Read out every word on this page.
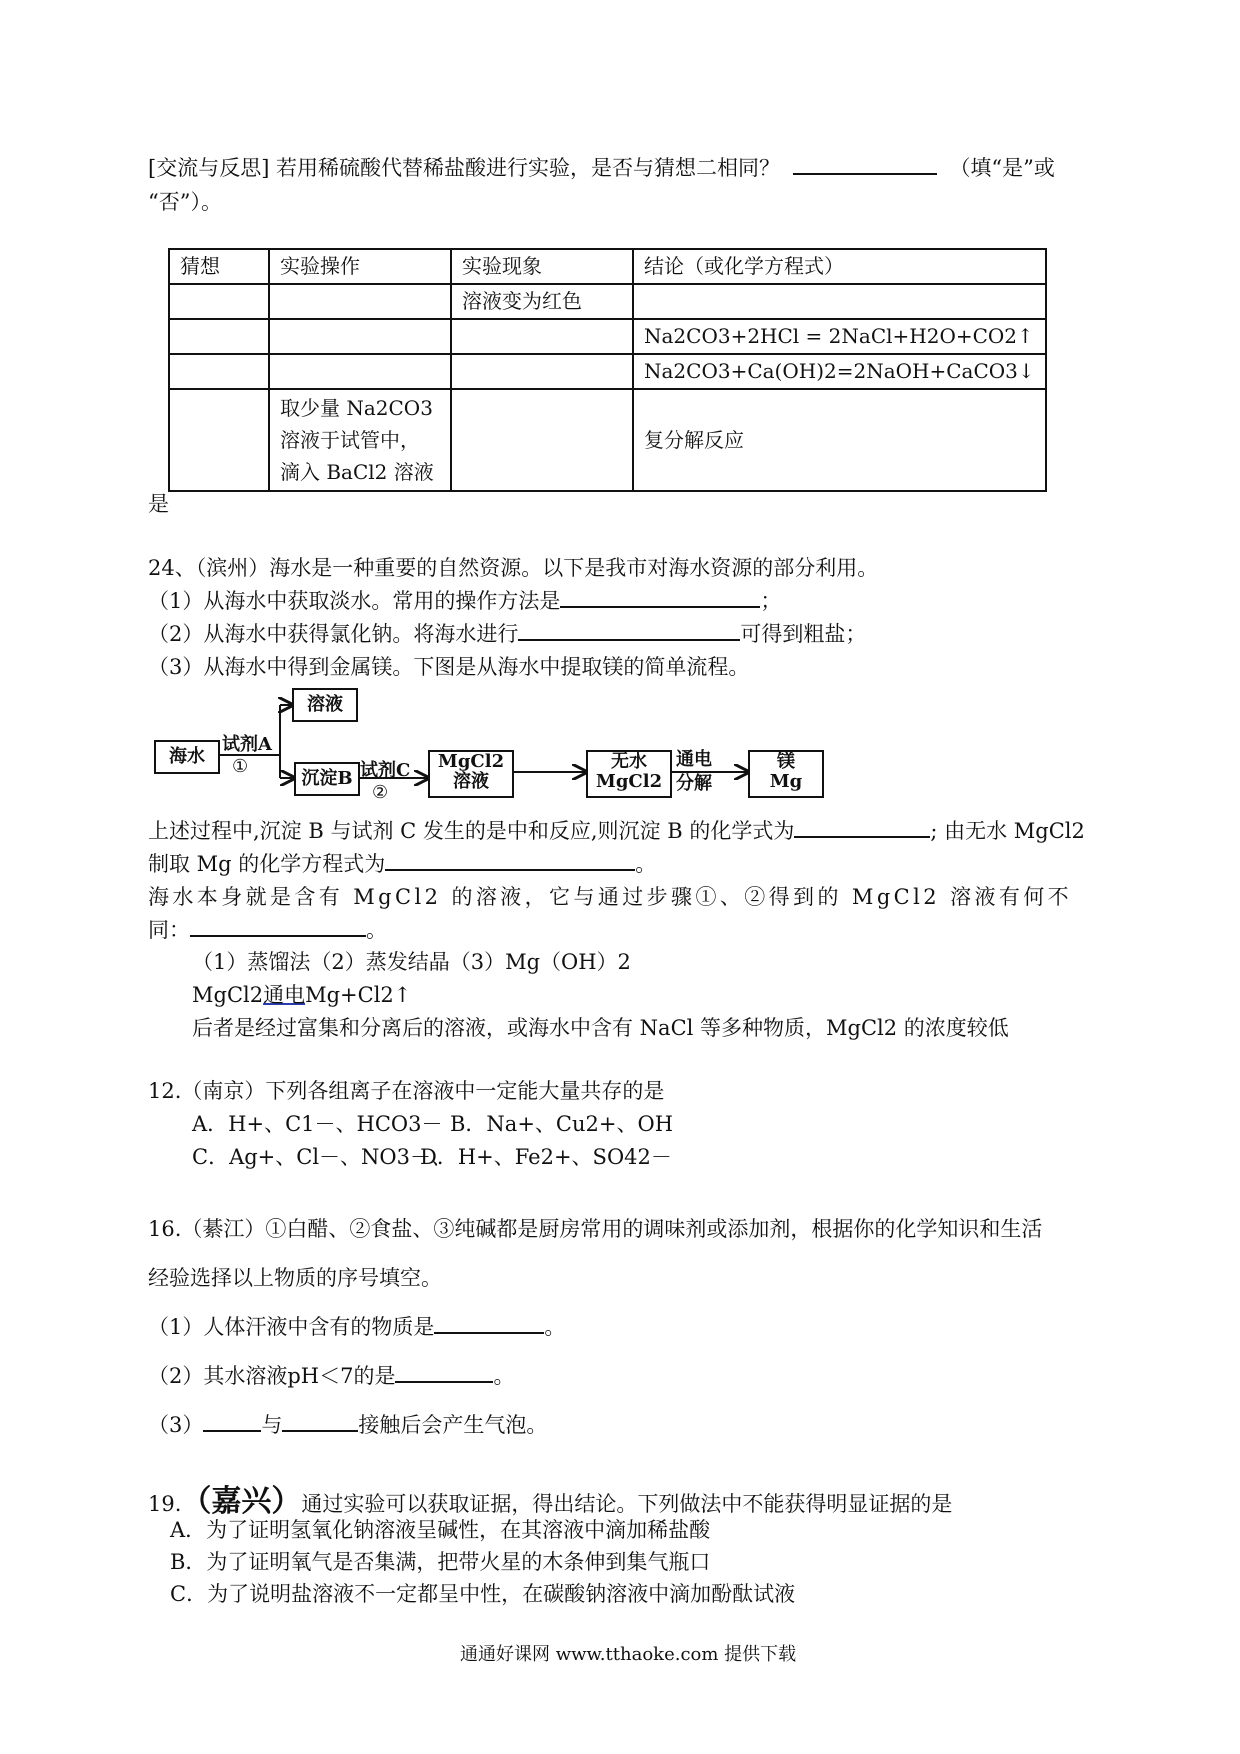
[交流与反思] 若用稀硫酸代替稀盐酸进行实验，是否与猜想二相同？	（填“是”或
“否”）。
猜想	实验操作	实验现象	结论（或化学方程式）
		溶液变为红色	
			Na2CO3+2HCl = 2NaCl+H2O+CO2↑
			Na2CO3+Ca(OH)2=2NaOH+CaCO3↓

	取少量 Na2CO3
溶液于试管中，
滴入 BaCl2 溶液		复分解反应
是
24、（滨州）海水是一种重要的自然资源。以下是我市对海水资源的部分利用。
（1）从海水中获取淡水。常用的操作方法是	；
（2）从海水中获得氯化钠。将海水进行	可得到粗盐；
（3）从海水中得到金属镁。下图是从海水中提取镁的简单流程。
海水
试剂A
①
溶液
沉淀B 试剂C
②
MgCl2
溶液
无水
MgCl2
通电
分解
镁
Mg
上述过程中,沉淀 B 与试剂 C 发生的是中和反应,则沉淀 B 的化学式为	; 由无水 MgCl2
制取 Mg 的化学方程式为	。
海水本身就是含有 MgCl2 的溶液，它与通过步骤①、②得到的 MgCl2 溶液有何不
同：	。
（1）蒸馏法（2）蒸发结晶（3）Mg（OH）2
MgCl2通电Mg+Cl2↑
后者是经过富集和分离后的溶液，或海水中含有 NaCl 等多种物质，MgCl2 的浓度较低
12.（南京）下列各组离子在溶液中一定能大量共存的是
A．H+、C1－、HCO3－ B．Na+、Cu2+、OH
C．Ag+、Cl－、NO3－、
D．H+、Fe2+、SO42－
16.（綦江）①白醋、②食盐、③纯碱都是厨房常用的调味剂或添加剂，根据你的化学知识和生活
经验选择以上物质的序号填空。
（1）人体汗液中含有的物质是	。
（2）其水溶液pH＜7的是	。
（3）	与	接触后会产生气泡。
19.（嘉兴）通过实验可以获取证据，得出结论。下列做法中不能获得明显证据的是
A．为了证明氢氧化钠溶液呈碱性，在其溶液中滴加稀盐酸
B．为了证明氧气是否集满，把带火星的木条伸到集气瓶口
C．为了说明盐溶液不一定都呈中性，在碳酸钠溶液中滴加酚酞试液
通通好课网 www.tthaoke.com 提供下载
